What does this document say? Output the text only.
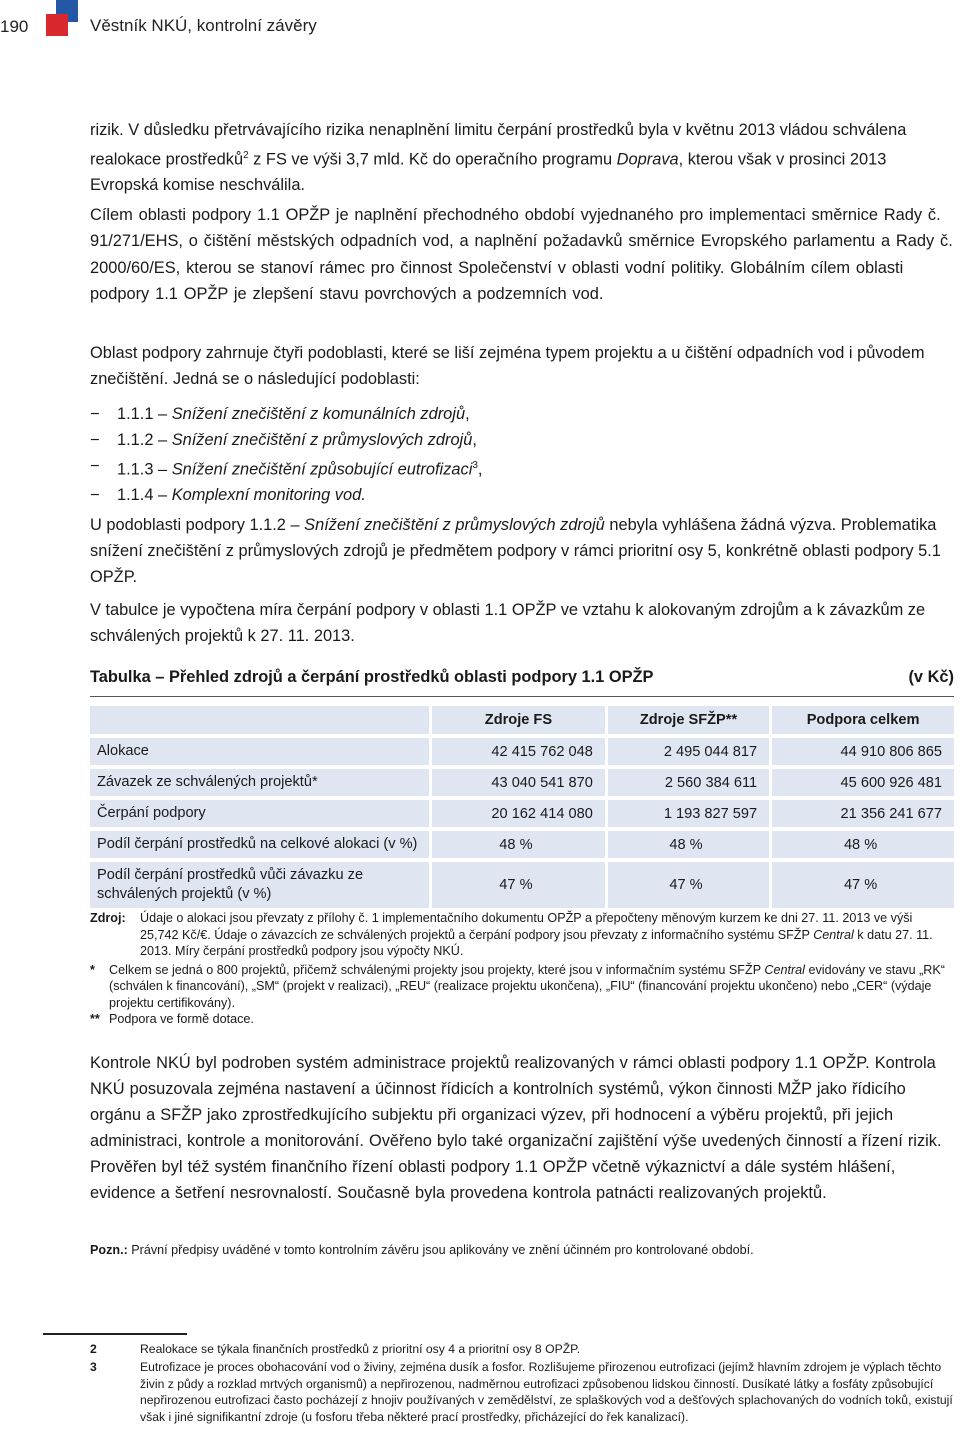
190	Věstník NKÚ, kontrolní závěry
rizik. V důsledku přetrvávajícího rizika nenaplnění limitu čerpání prostředků byla v květnu 2013 vládou schválena realokace prostředků$^2$ z FS ve výši 3,7 mld. Kč do operačního programu Doprava, kterou však v prosinci 2013 Evropská komise neschválila.
Cílem oblasti podpory 1.1 OPŽP je naplnění přechodného období vyjednaného pro implementaci směrnice Rady č. 91/271/EHS, o čištění městských odpadních vod, a naplnění požadavků směrnice Evropského parlamentu a Rady č. 2000/60/ES, kterou se stanoví rámec pro činnost Společenství v oblasti vodní politiky. Globálním cílem oblasti podpory 1.1 OPŽP je zlepšení stavu povrchových a podzemních vod.
Oblast podpory zahrnuje čtyři podoblasti, které se liší zejména typem projektu a u čištění odpadních vod i původem znečištění. Jedná se o následující podoblasti:
− 1.1.1 – Snížení znečištění z komunálních zdrojů,
− 1.1.2 – Snížení znečištění z průmyslových zdrojů,
− 1.1.3 – Snížení znečištění způsobující eutrofizaci$^3$,
− 1.1.4 – Komplexní monitoring vod.
U podoblasti podpory 1.1.2 – Snížení znečištění z průmyslových zdrojů nebyla vyhlášena žádná výzva. Problematika snížení znečištění z průmyslových zdrojů je předmětem podpory v rámci prioritní osy 5, konkrétně oblasti podpory 5.1 OPŽP.
V tabulce je vypočtena míra čerpání podpory v oblasti 1.1 OPŽP ve vztahu k alokovaným zdrojům a k závazkům ze schválených projektů k 27. 11. 2013.
Tabulka – Přehled zdrojů a čerpání prostředků oblasti podpory 1.1 OPŽP	(v Kč)
	Zdroje FS	Zdroje SFŽP**	Podpora celkem
Alokace	42 415 762 048	2 495 044 817	44 910 806 865
Závazek ze schválených projektů*	43 040 541 870	2 560 384 611	45 600 926 481
Čerpání podpory	20 162 414 080	1 193 827 597	21 356 241 677
Podíl čerpání prostředků na celkové alokaci (v %)	48 %	48 %	48 %
Podíl čerpání prostředků vůči závazku ze schválených projektů (v %)	47 %	47 %	47 %
Zdroj: Údaje o alokaci jsou převzaty z přílohy č. 1 implementačního dokumentu OPŽP a přepočteny měnovým kurzem ke dni 27. 11. 2013 ve výši 25,742 Kč/€. Údaje o závazcích ze schválených projektů a čerpání podpory jsou převzaty z informačního systému SFŽP Central k datu 27. 11. 2013. Míry čerpání prostředků podpory jsou výpočty NKÚ.
* Celkem se jedná o 800 projektů, přičemž schválenými projekty jsou projekty, které jsou v informačním systému SFŽP Central evidovány ve stavu „RK“ (schválen k financování), „SM“ (projekt v realizaci), „REU“ (realizace projektu ukončena), „FIU“ (financování projektu ukončeno) nebo „CER“ (výdaje projektu certifikovány).
** Podpora ve formě dotace.
Kontrole NKÚ byl podroben systém administrace projektů realizovaných v rámci oblasti podpory 1.1 OPŽP. Kontrola NKÚ posuzovala zejména nastavení a účinnost řídicích a kontrolních systémů, výkon činnosti MŽP jako řídicího orgánu a SFŽP jako zprostředkujícího subjektu při organizaci výzev, při hodnocení a výběru projektů, při jejich administraci, kontrole a monitorování. Ověřeno bylo také organizační zajištění výše uvedených činností a řízení rizik. Prověřen byl též systém finančního řízení oblasti podpory 1.1 OPŽP včetně výkaznictví a dále systém hlášení, evidence a šetření nesrovnalostí. Současně byla provedena kontrola patnácti realizovaných projektů.
Pozn.: Právní předpisy uváděné v tomto kontrolním závěru jsou aplikovány ve znění účinném pro kontrolované období.
2	Realokace se týkala finančních prostředků z prioritní osy 4 a prioritní osy 8 OPŽP.
3	Eutrofizace je proces obohacování vod o živiny, zejména dusík a fosfor. Rozlišujeme přirozenou eutrofizaci (jejímž hlavním zdrojem je výplach těchto živin z půdy a rozklad mrtvých organismů) a nepřirozenou, nadměrnou eutrofizaci způsobenou lidskou činností. Dusíkaté látky a fosfáty způsobující nepřirozenou eutrofizaci často pocházejí z hnojiv používaných v zemědělství, ze splaškových vod a dešťových splachovaných do vodních toků, existují však i jiné signifikantní zdroje (u fosforu třeba některé prací prostředky, přicházející do řek kanalizací).
